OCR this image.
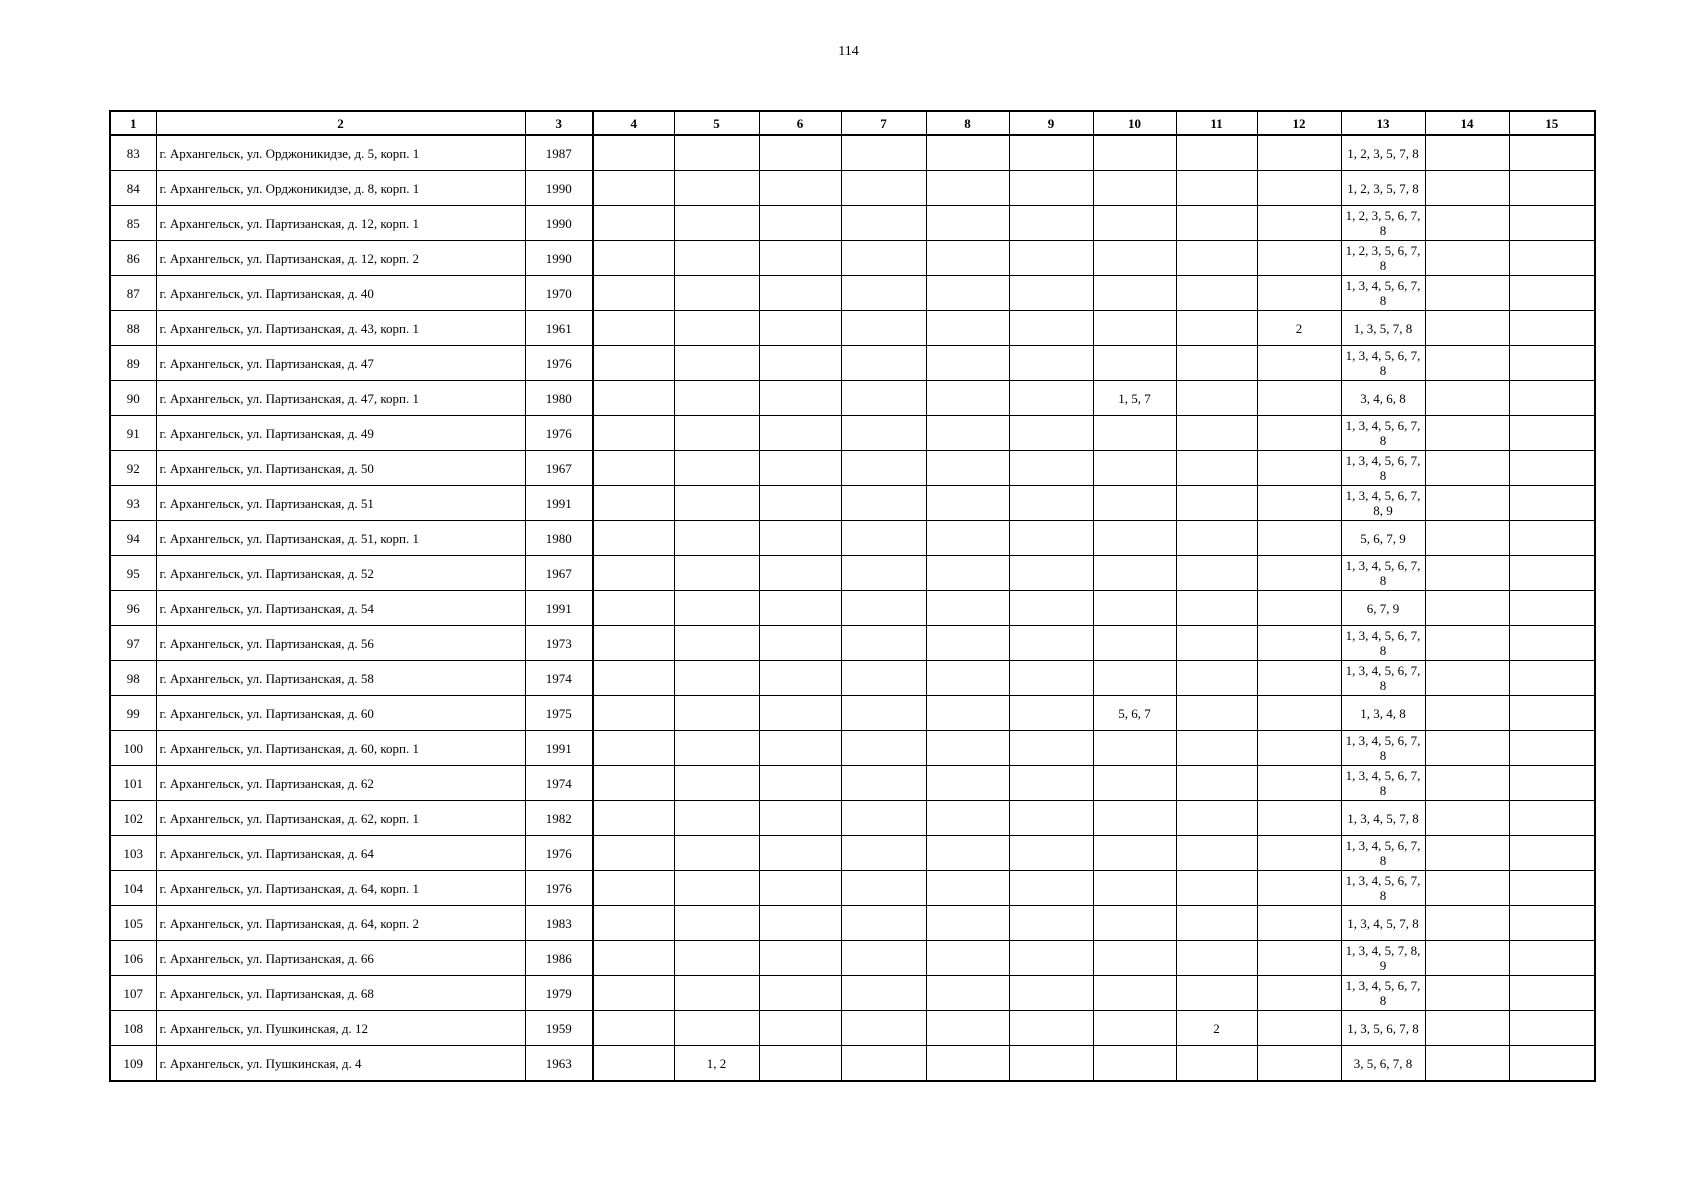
114
1	2	3	4	5	6	7	8	9	10	11	12	13	14	15
83	г. Архангельск, ул. Орджоникидзе, д. 5, корп. 1	1987										1, 2, 3, 5, 7, 8		
84	г. Архангельск, ул. Орджоникидзе, д. 8, корп. 1	1990										1, 2, 3, 5, 7, 8		
85	г. Архангельск, ул. Партизанская, д. 12, корп. 1	1990										1, 2, 3, 5, 6, 7, 8		
86	г. Архангельск, ул. Партизанская, д. 12, корп. 2	1990										1, 2, 3, 5, 6, 7, 8		
87	г. Архангельск, ул. Партизанская, д. 40	1970										1, 3, 4, 5, 6, 7, 8		
88	г. Архангельск, ул. Партизанская, д. 43, корп. 1	1961									2	1, 3, 5, 7, 8		
89	г. Архангельск, ул. Партизанская, д. 47	1976										1, 3, 4, 5, 6, 7, 8		
90	г. Архангельск, ул. Партизанская, д. 47, корп. 1	1980							1, 5, 7			3, 4, 6, 8		
91	г. Архангельск, ул. Партизанская, д. 49	1976										1, 3, 4, 5, 6, 7, 8		
92	г. Архангельск, ул. Партизанская, д. 50	1967										1, 3, 4, 5, 6, 7, 8		
93	г. Архангельск, ул. Партизанская, д. 51	1991										1, 3, 4, 5, 6, 7, 8, 9		
94	г. Архангельск, ул. Партизанская, д. 51, корп. 1	1980										5, 6, 7, 9		
95	г. Архангельск, ул. Партизанская, д. 52	1967										1, 3, 4, 5, 6, 7, 8		
96	г. Архангельск, ул. Партизанская, д. 54	1991										6, 7, 9		
97	г. Архангельск, ул. Партизанская, д. 56	1973										1, 3, 4, 5, 6, 7, 8		
98	г. Архангельск, ул. Партизанская, д. 58	1974										1, 3, 4, 5, 6, 7, 8		
99	г. Архангельск, ул. Партизанская, д. 60	1975							5, 6, 7			1, 3, 4, 8		
100	г. Архангельск, ул. Партизанская, д. 60, корп. 1	1991										1, 3, 4, 5, 6, 7, 8		
101	г. Архангельск, ул. Партизанская, д. 62	1974										1, 3, 4, 5, 6, 7, 8		
102	г. Архангельск, ул. Партизанская, д. 62, корп. 1	1982										1, 3, 4, 5, 7, 8		
103	г. Архангельск, ул. Партизанская, д. 64	1976										1, 3, 4, 5, 6, 7, 8		
104	г. Архангельск, ул. Партизанская, д. 64, корп. 1	1976										1, 3, 4, 5, 6, 7, 8		
105	г. Архангельск, ул. Партизанская, д. 64, корп. 2	1983										1, 3, 4, 5, 7, 8		
106	г. Архангельск, ул. Партизанская, д. 66	1986										1, 3, 4, 5, 7, 8, 9		
107	г. Архангельск, ул. Партизанская, д. 68	1979										1, 3, 4, 5, 6, 7, 8		
108	г. Архангельск, ул. Пушкинская, д. 12	1959								2		1, 3, 5, 6, 7, 8		
109	г. Архангельск, ул. Пушкинская, д. 4	1963		1, 2								3, 5, 6, 7, 8		
